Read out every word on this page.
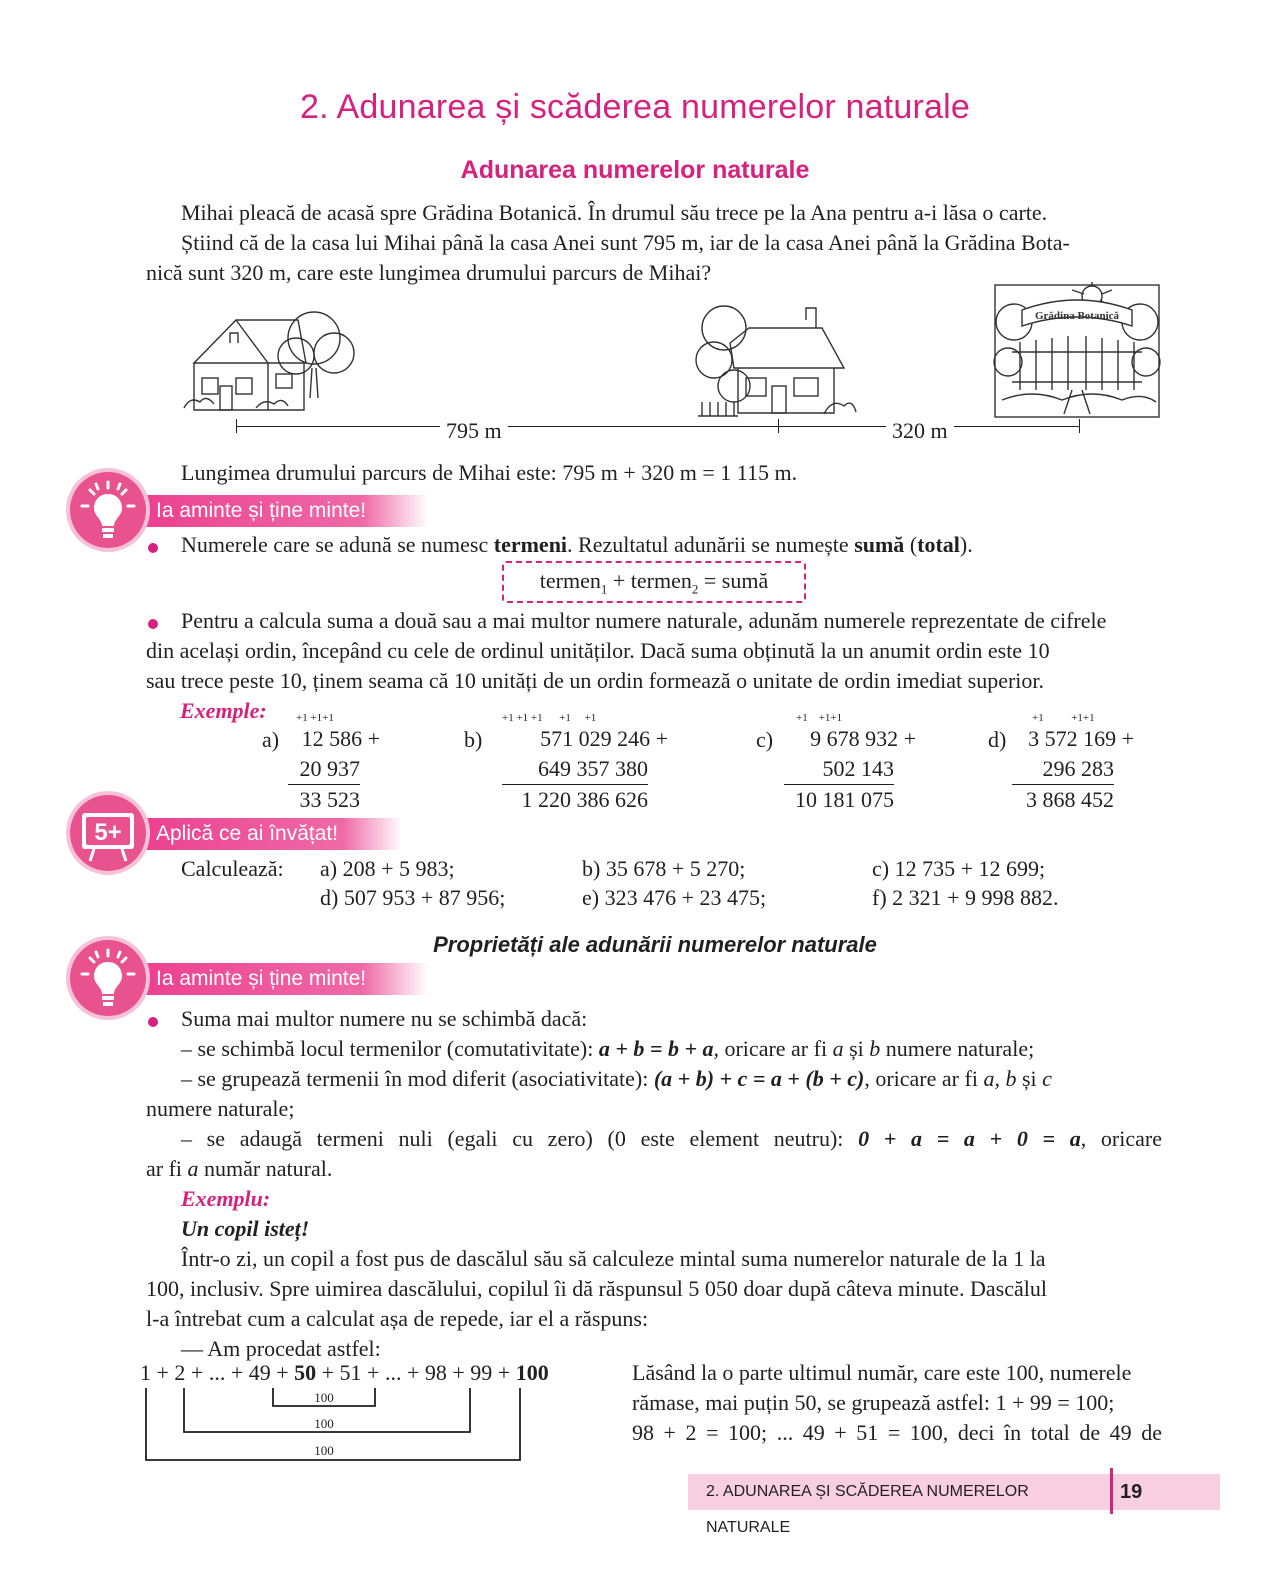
2. Adunarea și scăderea numerelor naturale
Adunarea numerelor naturale

Mihai pleacă de acasă spre Grădina Botanică. În drumul său trece pe la Ana pentru a-i lăsa o carte.

Știind că de la casa lui Mihai până la casa Anei sunt 795 m, iar de la casa Anei până la Grădina Bota-

nică sunt 320 m, care este lungimea drumului parcurs de Mihai?

Grădina Botanică
795 m	320 m
Lungimea drumului parcurs de Mihai este: 795 m + 320 m = 1 115 m.
Ia aminte și ține minte!
Numerele care se adună se numesc termeni. Rezultatul adunării se numește sumă (total).
termen$_1$ + termen$_2$ = sumă

Pentru a calcula suma a două sau a mai multor numere naturale, adunăm numerele reprezentate de cifrele

din același ordin, începând cu cele de ordinul unităților. Dacă suma obținută la un anumit ordin este 10

sau trece peste 10, ținem seama că 10 unități de un ordin formează o unitate de ordin imediat superior.

Exemple:
a)
+1 +1+1
12 586 +
20 937
33 523
b)
+1 +1 +1      +1     +1
571 029 246 +
649 357 380
1 220 386 626
c)
+1    +1+1
9 678 932 +
502 143
10 181 075
d)
+1          +1+1
3 572 169 +
296 283
3 868 452
Aplică ce ai învățat!
5+
Calculează: a) 208 + 5 983;	b) 35 678 + 5 270;	c) 12 735 + 12 699;
d) 507 953 + 87 956;	e) 323 476 + 23 475;	f) 2 321 + 9 998 882.
Proprietăți ale adunării numerelor naturale
Ia aminte și ține minte!

Suma mai multor numere nu se schimbă dacă:

– se schimbă locul termenilor (comutativitate): a + b = b + a, oricare ar fi a și b numere naturale;

– se grupează termenii în mod diferit (asociativitate): (a + b) + c = a + (b + c), oricare ar fi a, b și c

numere naturale;

– se adaugă termeni nuli (egali cu zero) (0 este element neutru): 0 + a = a + 0 = a, oricare

ar fi a număr natural.

Exemplu:

Un copil isteț!

Într-o zi, un copil a fost pus de dascălul său să calculeze mintal suma numerelor naturale de la 1 la

100, inclusiv. Spre uimirea dascălului, copilul îi dă răspunsul 5 050 doar după câteva minute. Dascălul

l-a întrebat cum a calculat așa de repede, iar el a răspuns:

— Am procedat astfel:

1 + 2 + ... + 49 + 50 + 51 + ... + 98 + 99 + 100
100
100
100

Lăsând la o parte ultimul număr, care este 100, numerele

rămase, mai puțin 50, se grupează astfel: 1 + 99 = 100;

98 + 2 = 100; ... 49 + 51 = 100, deci în total de 49 de

2. ADUNAREA ȘI SCĂDEREA NUMERELOR NATURALE
19
